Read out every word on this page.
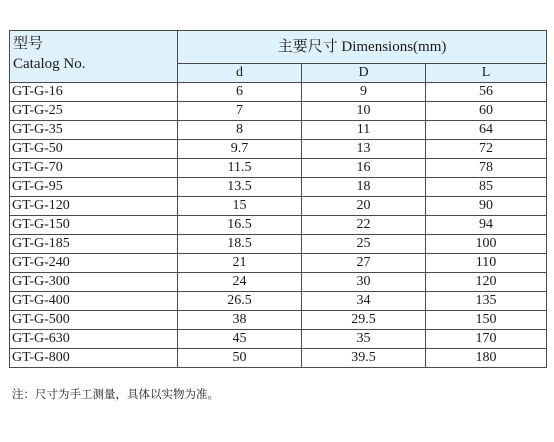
型号
Catalog No.	主要尺寸 Dimensions(mm)		
	d	D	L
GT-G-16	6	9	56
GT-G-25	7	10	60
GT-G-35	8	11	64
GT-G-50	9.7	13	72
GT-G-70	11.5	16	78
GT-G-95	13.5	18	85
GT-G-120	15	20	90
GT-G-150	16.5	22	94
GT-G-185	18.5	25	100
GT-G-240	21	27	110
GT-G-300	24	30	120
GT-G-400	26.5	34	135
GT-G-500	38	29.5	150
GT-G-630	45	35	170
GT-G-800	50	39.5	180
注：尺寸为手工测量，具体以实物为准。
